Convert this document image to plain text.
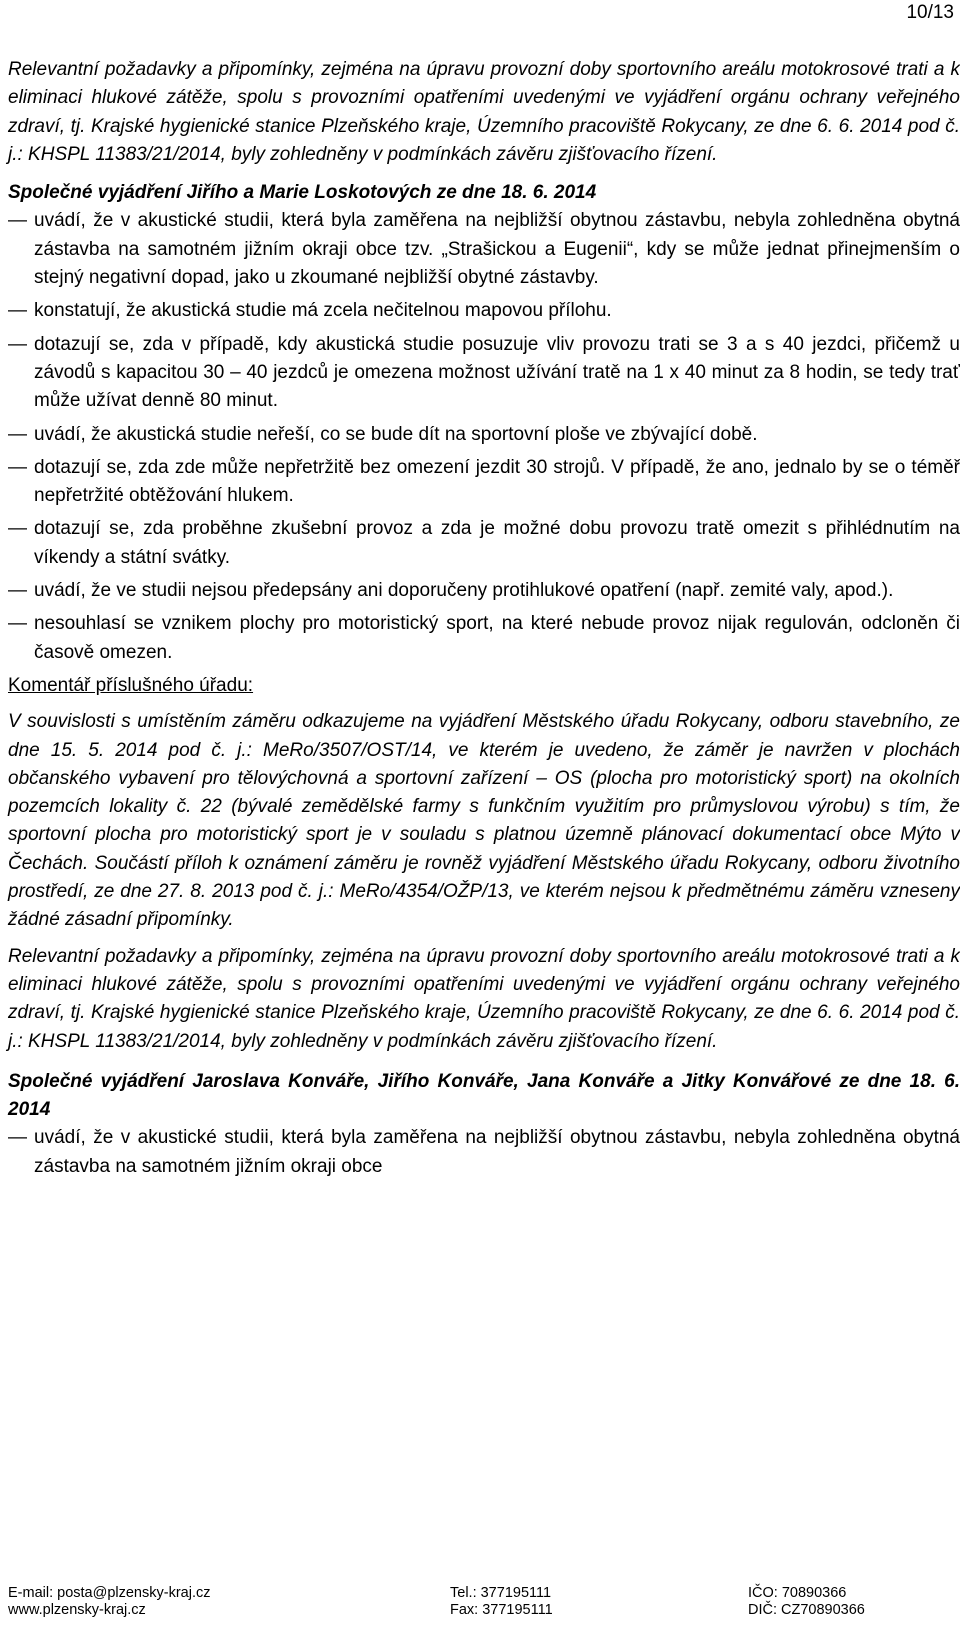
10/13

Relevantní požadavky a připomínky, zejména na úpravu provozní doby sportovního areálu motokrosové trati a k eliminaci hlukové zátěže, spolu s provozními opatřeními uvedenými ve vyjádření orgánu ochrany veřejného zdraví, tj. Krajské hygienické stanice Plzeňského kraje, Územního pracoviště Rokycany, ze dne 6. 6. 2014 pod č. j.: KHSPL 11383/21/2014, byly zohledněny v podmínkách závěru zjišťovacího řízení.

Společné vyjádření Jiřího a Marie Loskotových ze dne 18. 6. 2014

— uvádí, že v akustické studii, která byla zaměřena na nejbližší obytnou zástavbu, nebyla zohledněna obytná zástavba na samotném jižním okraji obce tzv. „Strašickou a Eugenii“, kdy se může jednat přinejmenším o stejný negativní dopad, jako u zkoumané nejbližší obytné zástavby.
— konstatují, že akustická studie má zcela nečitelnou mapovou přílohu.
— dotazují se, zda v případě, kdy akustická studie posuzuje vliv provozu trati se 3 a s 40 jezdci, přičemž u závodů s kapacitou 30 – 40 jezdců je omezena možnost užívání tratě na 1 x 40 minut za 8 hodin, se tedy trať může užívat denně 80 minut.
— uvádí, že akustická studie neřeší, co se bude dít na sportovní ploše ve zbývající době.
— dotazují se, zda zde může nepřetržitě bez omezení jezdit 30 strojů. V případě, že ano, jednalo by se o téměř nepřetržité obtěžování hlukem.
— dotazují se, zda proběhne zkušební provoz a zda je možné dobu provozu tratě omezit s přihlédnutím na víkendy a státní svátky.
— uvádí, že ve studii nejsou předepsány ani doporučeny protihlukové opatření (např. zemité valy, apod.).
— nesouhlasí se vznikem plochy pro motoristický sport, na které nebude provoz nijak regulován, odcloněn či časově omezen.

Komentář příslušného úřadu:

V souvislosti s umístěním záměru odkazujeme na vyjádření Městského úřadu Rokycany, odboru stavebního, ze dne 15. 5. 2014 pod č. j.: MeRo/3507/OST/14, ve kterém je uvedeno, že záměr je navržen v plochách občanského vybavení pro tělovýchovná a sportovní zařízení – OS (plocha pro motoristický sport) na okolních pozemcích lokality č. 22 (bývalé zemědělské farmy s funkčním využitím pro průmyslovou výrobu) s tím, že sportovní plocha pro motoristický sport je v souladu s platnou územně plánovací dokumentací obce Mýto v Čechách. Součástí příloh k oznámení záměru je rovněž vyjádření Městského úřadu Rokycany, odboru životního prostředí, ze dne 27. 8. 2013 pod č. j.: MeRo/4354/OŽP/13, ve kterém nejsou k předmětnému záměru vzneseny žádné zásadní připomínky.

Relevantní požadavky a připomínky, zejména na úpravu provozní doby sportovního areálu motokrosové trati a k eliminaci hlukové zátěže, spolu s provozními opatřeními uvedenými ve vyjádření orgánu ochrany veřejného zdraví, tj. Krajské hygienické stanice Plzeňského kraje, Územního pracoviště Rokycany, ze dne 6. 6. 2014 pod č. j.: KHSPL 11383/21/2014, byly zohledněny v podmínkách závěru zjišťovacího řízení.

Společné vyjádření Jaroslava Konváře, Jiřího Konváře, Jana Konváře a Jitky Konvářové ze dne 18. 6. 2014

— uvádí, že v akustické studii, která byla zaměřena na nejbližší obytnou zástavbu, nebyla zohledněna obytná zástavba na samotném jižním okraji obce
E-mail: posta@plzensky-kraj.cz	Tel.: 377195111	IČO: 70890366
www.plzensky-kraj.cz	Fax: 377195111	DIČ: CZ70890366
